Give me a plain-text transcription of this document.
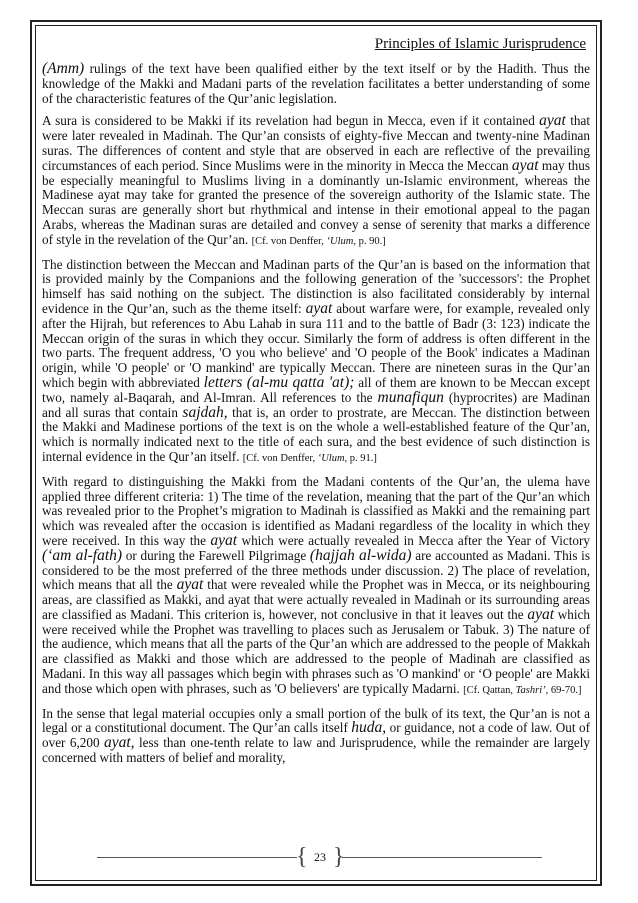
Principles of Islamic Jurisprudence

(Amm) rulings of the text have been qualified either by the text itself or by the Hadith. Thus the knowledge of the Makki and Madani parts of the revelation facilitates a better understanding of some of the characteristic features of the Qur’anic legislation.

A sura is considered to be Makki if its revelation had begun in Mecca, even if it contained ayat that were later revealed in Madinah. The Qur’an consists of eighty-five Meccan and twenty-nine Madinan suras. The differences of content and style that are observed in each are reflective of the prevailing circumstances of each period. Since Muslims were in the minority in Mecca the Meccan ayat may thus be especially meaningful to Muslims living in a dominantly un-Islamic environment, whereas the Madinese ayat may take for granted the presence of the sovereign authority of the Islamic state. The Meccan suras are generally short but rhythmical and intense in their emotional appeal to the pagan Arabs, whereas the Madinan suras are detailed and convey a sense of serenity that marks a difference of style in the revelation of the Qur’an. [Cf. von Denffer, ‘Ulum, p. 90.]

The distinction between the Meccan and Madinan parts of the Qur’an is based on the information that is provided mainly by the Companions and the following generation of the 'successors': the Prophet himself has said nothing on the subject. The distinction is also facilitated considerably by internal evidence in the Qur’an, such as the theme itself: ayat about warfare were, for example, revealed only after the Hijrah, but references to Abu Lahab in sura 111 and to the battle of Badr (3: 123) indicate the Meccan origin of the suras in which they occur. Similarly the form of address is often different in the two parts. The frequent address, 'O you who believe' and 'O people of the Book' indicates a Madinan origin, while 'O people' or 'O mankind' are typically Meccan. There are nineteen suras in the Qur’an which begin with abbreviated letters (al-mu qatta 'at); all of them are known to be Meccan except two, namely al-Baqarah, and Al-Imran. All references to the munafiqun (hyprocrites) are Madinan and all suras that contain sajdah, that is, an order to prostrate, are Meccan. The distinction between the Makki and Madinese portions of the text is on the whole a well-established feature of the Qur’an, which is normally indicated next to the title of each sura, and the best evidence of such distinction is internal evidence in the Qur’an itself. [Cf. von Denffer, ‘Ulum, p. 91.]

With regard to distinguishing the Makki from the Madani contents of the Qur’an, the ulema have applied three different criteria: 1) The time of the revelation, meaning that the part of the Qur’an which was revealed prior to the Prophet’s migration to Madinah is classified as Makki and the remaining part which was revealed after the occasion is identified as Madani regardless of the locality in which they were received. In this way the ayat which were actually revealed in Mecca after the Year of Victory (‘am al-fath) or during the Farewell Pilgrimage (hajjah al-wida) are accounted as Madani. This is considered to be the most preferred of the three methods under discussion. 2) The place of revelation, which means that all the ayat that were revealed while the Prophet was in Mecca, or its neighbouring areas, are classified as Makki, and ayat that were actually revealed in Madinah or its surrounding areas are classified as Madani. This criterion is, however, not conclusive in that it leaves out the ayat which were received while the Prophet was travelling to places such as Jerusalem or Tabuk. 3) The nature of the audience, which means that all the parts of the Qur’an which are addressed to the people of Makkah are classified as Makki and those which are addressed to the people of Madinah are classified as Madani. In this way all passages which begin with phrases such as 'O mankind' or ‘O people' are Makki and those which open with phrases, such as 'O believers' are typically Madarni. [Cf. Qattan, Tashri’, 69-70.]

In the sense that legal material occupies only a small portion of the bulk of its text, the Qur’an is not a legal or a constitutional document. The Qur’an calls itself huda, or guidance, not a code of law. Out of over 6,200 ayat, less than one-tenth relate to law and Jurisprudence, while the remainder are largely concerned with matters of belief and morality,

{ }
23
